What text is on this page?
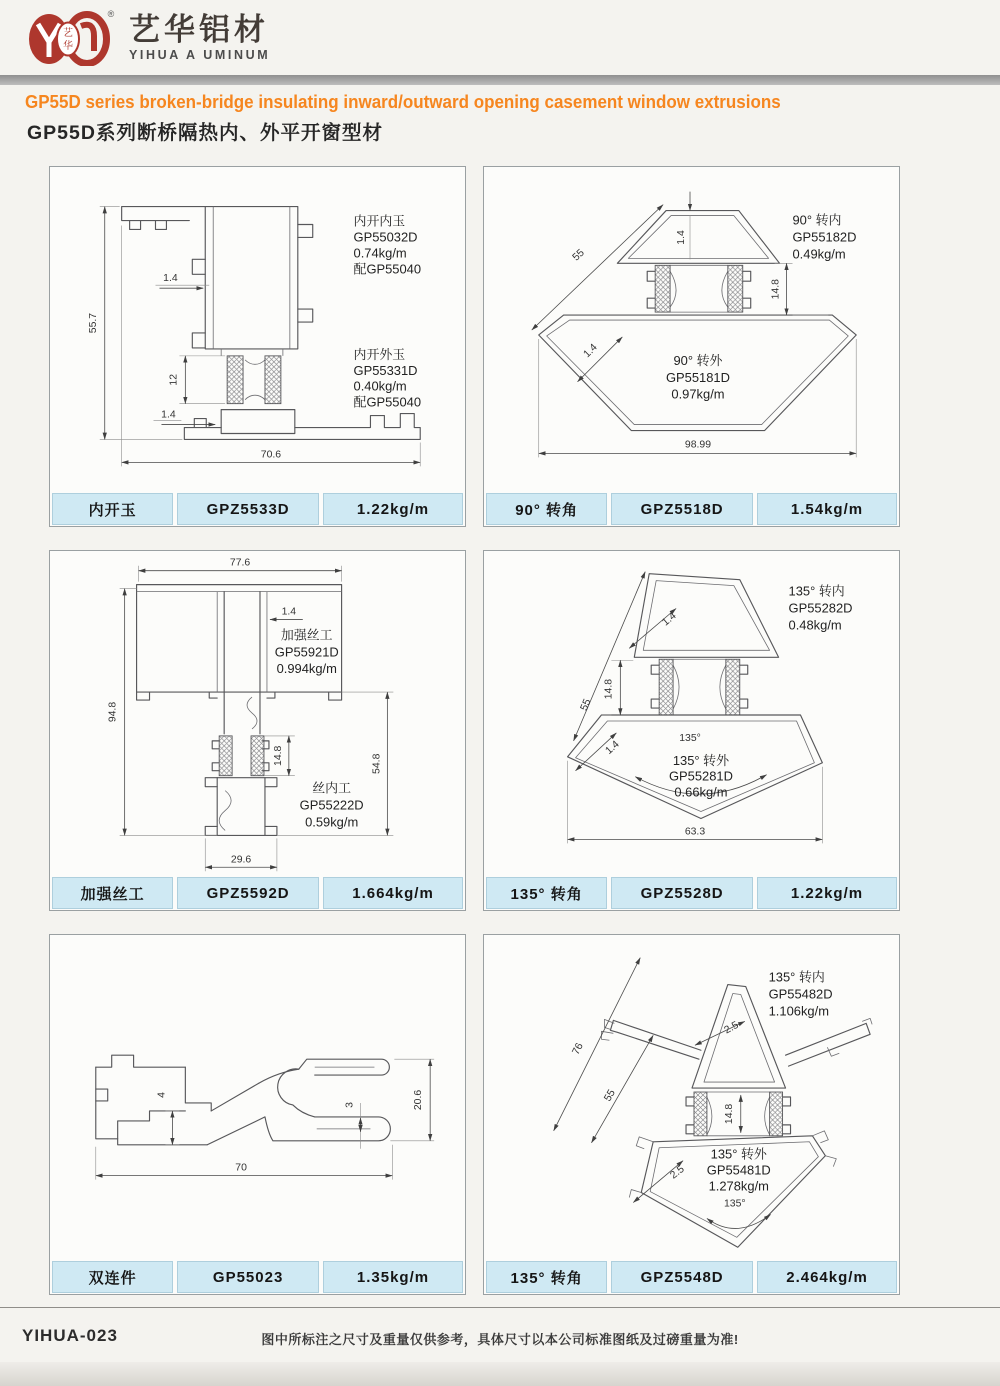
艺
华
® 艺华铝材
YIHUA A UMINUM
GP55D series broken-bridge insulating inward/outward opening casement window extrusions
GP55D系列断桥隔热内、外平开窗型材
55.7
1.4
12
1.4
70.6
内开内玉
GP55032D
0.74kg/m
配GP55040
内开外玉
GP55331D
0.40kg/m
配GP55040
内开玉	GPZ5533D	1.22kg/m
55
1.4
14.8
1.4
98.99
90° 转内
GP55182D
0.49kg/m
90° 转外
GP55181D
0.97kg/m
90° 转角	GPZ5518D	1.54kg/m
77.6
94.8
14.8	54.8
29.6
1.4
加强丝工
GP55921D
0.994kg/m
丝内工
GP55222D
0.59kg/m
加强丝工	GPZ5592D	1.664kg/m
55
14.8
1.4
1.4
135°
63.3
135° 转内
GP55282D
0.48kg/m
135° 转外
GP55281D
0.66kg/m
135° 转角	GPZ5528D	1.22kg/m
4
3	20.6
70
双连件	GP55023	1.35kg/m
76
55
2.5
14.8
2.5
135°
135° 转内
GP55482D
1.106kg/m
135° 转外
GP55481D
1.278kg/m
135° 转角	GPZ5548D	2.464kg/m
YIHUA-023	图中所标注之尺寸及重量仅供参考，具体尺寸以本公司标准图纸及过磅重量为准!
